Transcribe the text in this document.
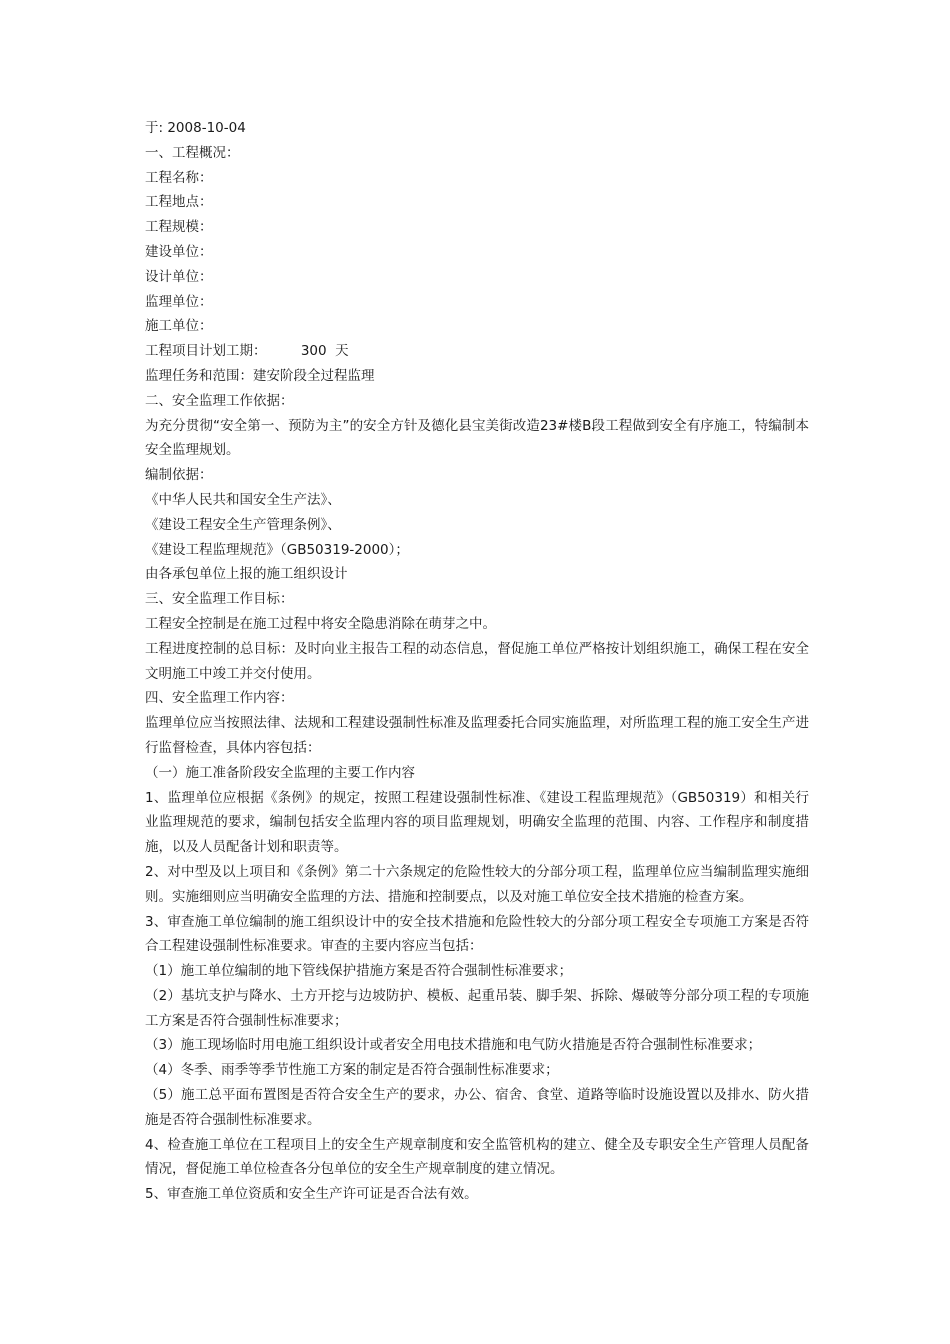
于: 2008-10-04

一、工程概况：

工程名称：

工程地点：

工程规模：

建设单位：

设计单位：

监理单位：

施工单位：

工程项目计划工期：        300  天

监理任务和范围：建安阶段全过程监理

二、安全监理工作依据：

为充分贯彻“安全第一、预防为主”的安全方针及德化县宝美街改造23#楼B段工程做到安全有序施工，特编制本安全监理规划。

编制依据：

《中华人民共和国安全生产法》、

《建设工程安全生产管理条例》、

《建设工程监理规范》（GB50319-2000）；

由各承包单位上报的施工组织设计

三、安全监理工作目标：

工程安全控制是在施工过程中将安全隐患消除在萌芽之中。

工程进度控制的总目标：及时向业主报告工程的动态信息，督促施工单位严格按计划组织施工，确保工程在安全文明施工中竣工并交付使用。

四、安全监理工作内容：

监理单位应当按照法律、法规和工程建设强制性标准及监理委托合同实施监理，对所监理工程的施工安全生产进行监督检查，具体内容包括：

（一）施工准备阶段安全监理的主要工作内容

1、监理单位应根据《条例》的规定，按照工程建设强制性标准、《建设工程监理规范》（GB50319）和相关行业监理规范的要求，编制包括安全监理内容的项目监理规划，明确安全监理的范围、内容、工作程序和制度措施，以及人员配备计划和职责等。

2、对中型及以上项目和《条例》第二十六条规定的危险性较大的分部分项工程，监理单位应当编制监理实施细则。实施细则应当明确安全监理的方法、措施和控制要点，以及对施工单位安全技术措施的检查方案。

3、审查施工单位编制的施工组织设计中的安全技术措施和危险性较大的分部分项工程安全专项施工方案是否符合工程建设强制性标准要求。审查的主要内容应当包括：

（1）施工单位编制的地下管线保护措施方案是否符合强制性标准要求；

（2）基坑支护与降水、土方开挖与边坡防护、模板、起重吊装、脚手架、拆除、爆破等分部分项工程的专项施工方案是否符合强制性标准要求；

（3）施工现场临时用电施工组织设计或者安全用电技术措施和电气防火措施是否符合强制性标准要求；

（4）冬季、雨季等季节性施工方案的制定是否符合强制性标准要求；

（5）施工总平面布置图是否符合安全生产的要求，办公、宿舍、食堂、道路等临时设施设置以及排水、防火措施是否符合强制性标准要求。

4、检查施工单位在工程项目上的安全生产规章制度和安全监管机构的建立、健全及专职安全生产管理人员配备情况，督促施工单位检查各分包单位的安全生产规章制度的建立情况。

5、审查施工单位资质和安全生产许可证是否合法有效。
